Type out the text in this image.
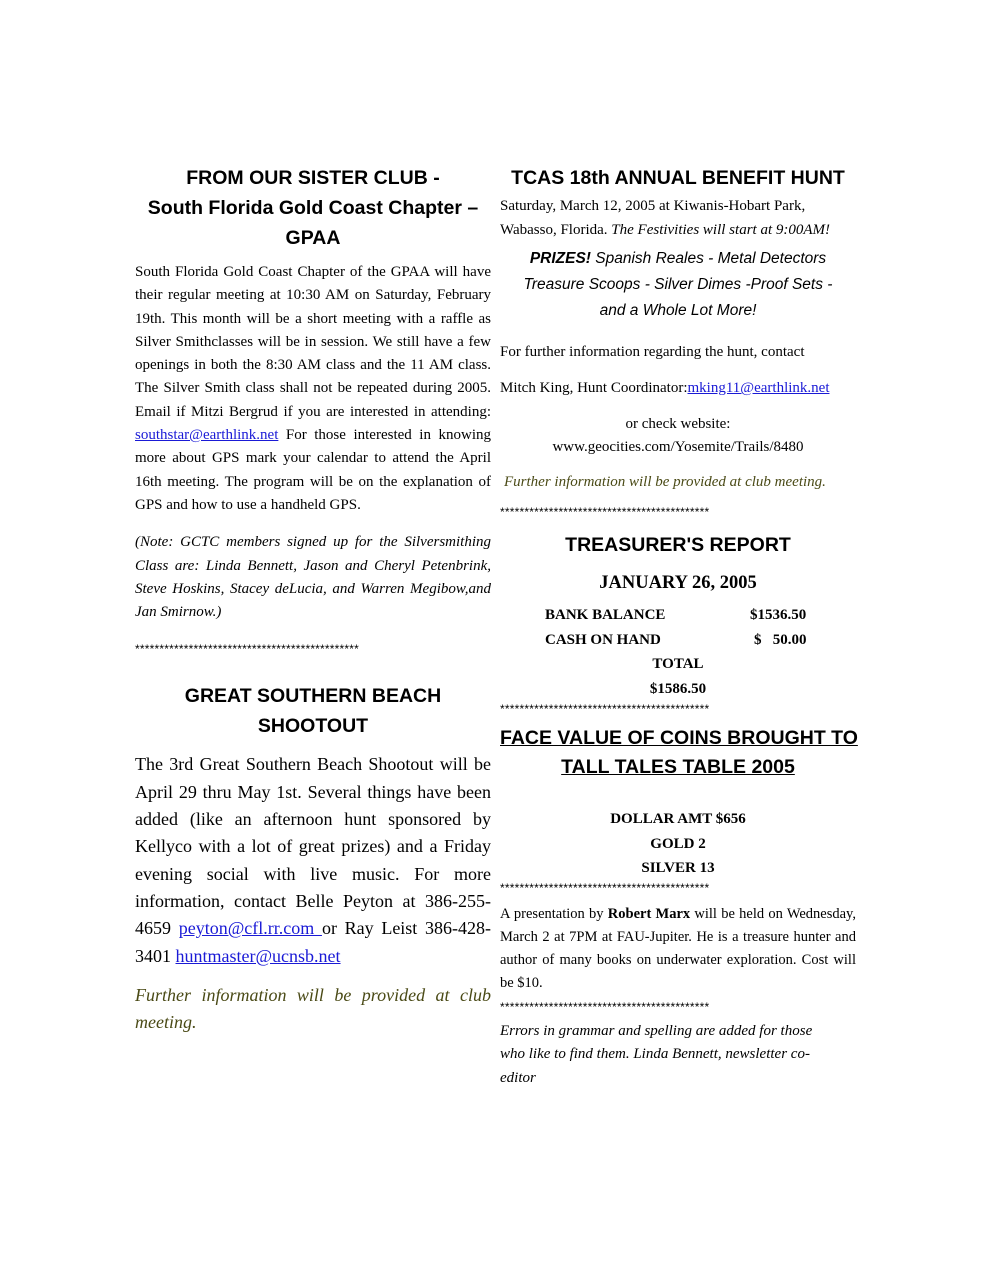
FROM OUR SISTER CLUB -

South Florida Gold Coast Chapter –

GPAA

South Florida Gold Coast Chapter of the GPAA will have their regular meeting at 10:30 AM on Saturday, February 19th. This month will be a short meeting with a raffle as Silver Smithclasses will be in session. We still have a few openings in both the 8:30 AM class and the 11 AM class. The Silver Smith class shall not be repeated during 2005. Email if Mitzi Bergrud if you are interested in attending: southstar@earthlink.net For those interested in knowing more about GPS mark your calendar to attend the April 16th meeting. The program will be on the explanation of GPS and how to use a handheld GPS.

(Note: GCTC members signed up for the Silversmithing Class are: Linda Bennett, Jason and Cheryl Petenbrink, Steve Hoskins, Stacey deLucia, and Warren Megibow,and Jan Smirnow.)

**********************************************

GREAT SOUTHERN BEACH

SHOOTOUT

The 3rd Great Southern Beach Shootout will be April 29 thru May 1st. Several things have been added (like an afternoon hunt sponsored by Kellyco with a lot of great prizes) and a Friday evening social with live music. For more information, contact Belle Peyton at 386-255-4659 peyton@cfl.rr.com or Ray Leist 386-428-3401 huntmaster@ucnsb.net

Further information will be provided at club meeting.

TCAS 18th ANNUAL BENEFIT HUNT

Saturday, March 12, 2005 at Kiwanis-Hobart Park, Wabasso, Florida. The Festivities will start at 9:00AM!

PRIZES! Spanish Reales - Metal Detectors

Treasure Scoops - Silver Dimes -Proof Sets -

and a Whole Lot More!

For further information regarding the hunt, contact

Mitch King, Hunt Coordinator:mking11@earthlink.net

or check website:

www.geocities.com/Yosemite/Trails/8480

Further information will be provided at club meeting.

*******************************************

TREASURER'S REPORT

JANUARY 26, 2005

BANK BALANCE	$1536.50
CASH ON HAND	$   50.00

TOTAL

$1586.50

*******************************************

FACE VALUE OF COINS BROUGHT TO

TALL TALES TABLE 2005

DOLLAR AMT $656

GOLD 2

SILVER 13

*******************************************

A presentation by Robert Marx will be held on Wednesday, March 2 at 7PM at FAU-Jupiter. He is a treasure hunter and author of many books on underwater exploration. Cost will be $10.

*******************************************

Errors in grammar and spelling are added for those who like to find them. Linda Bennett, newsletter co-editor
